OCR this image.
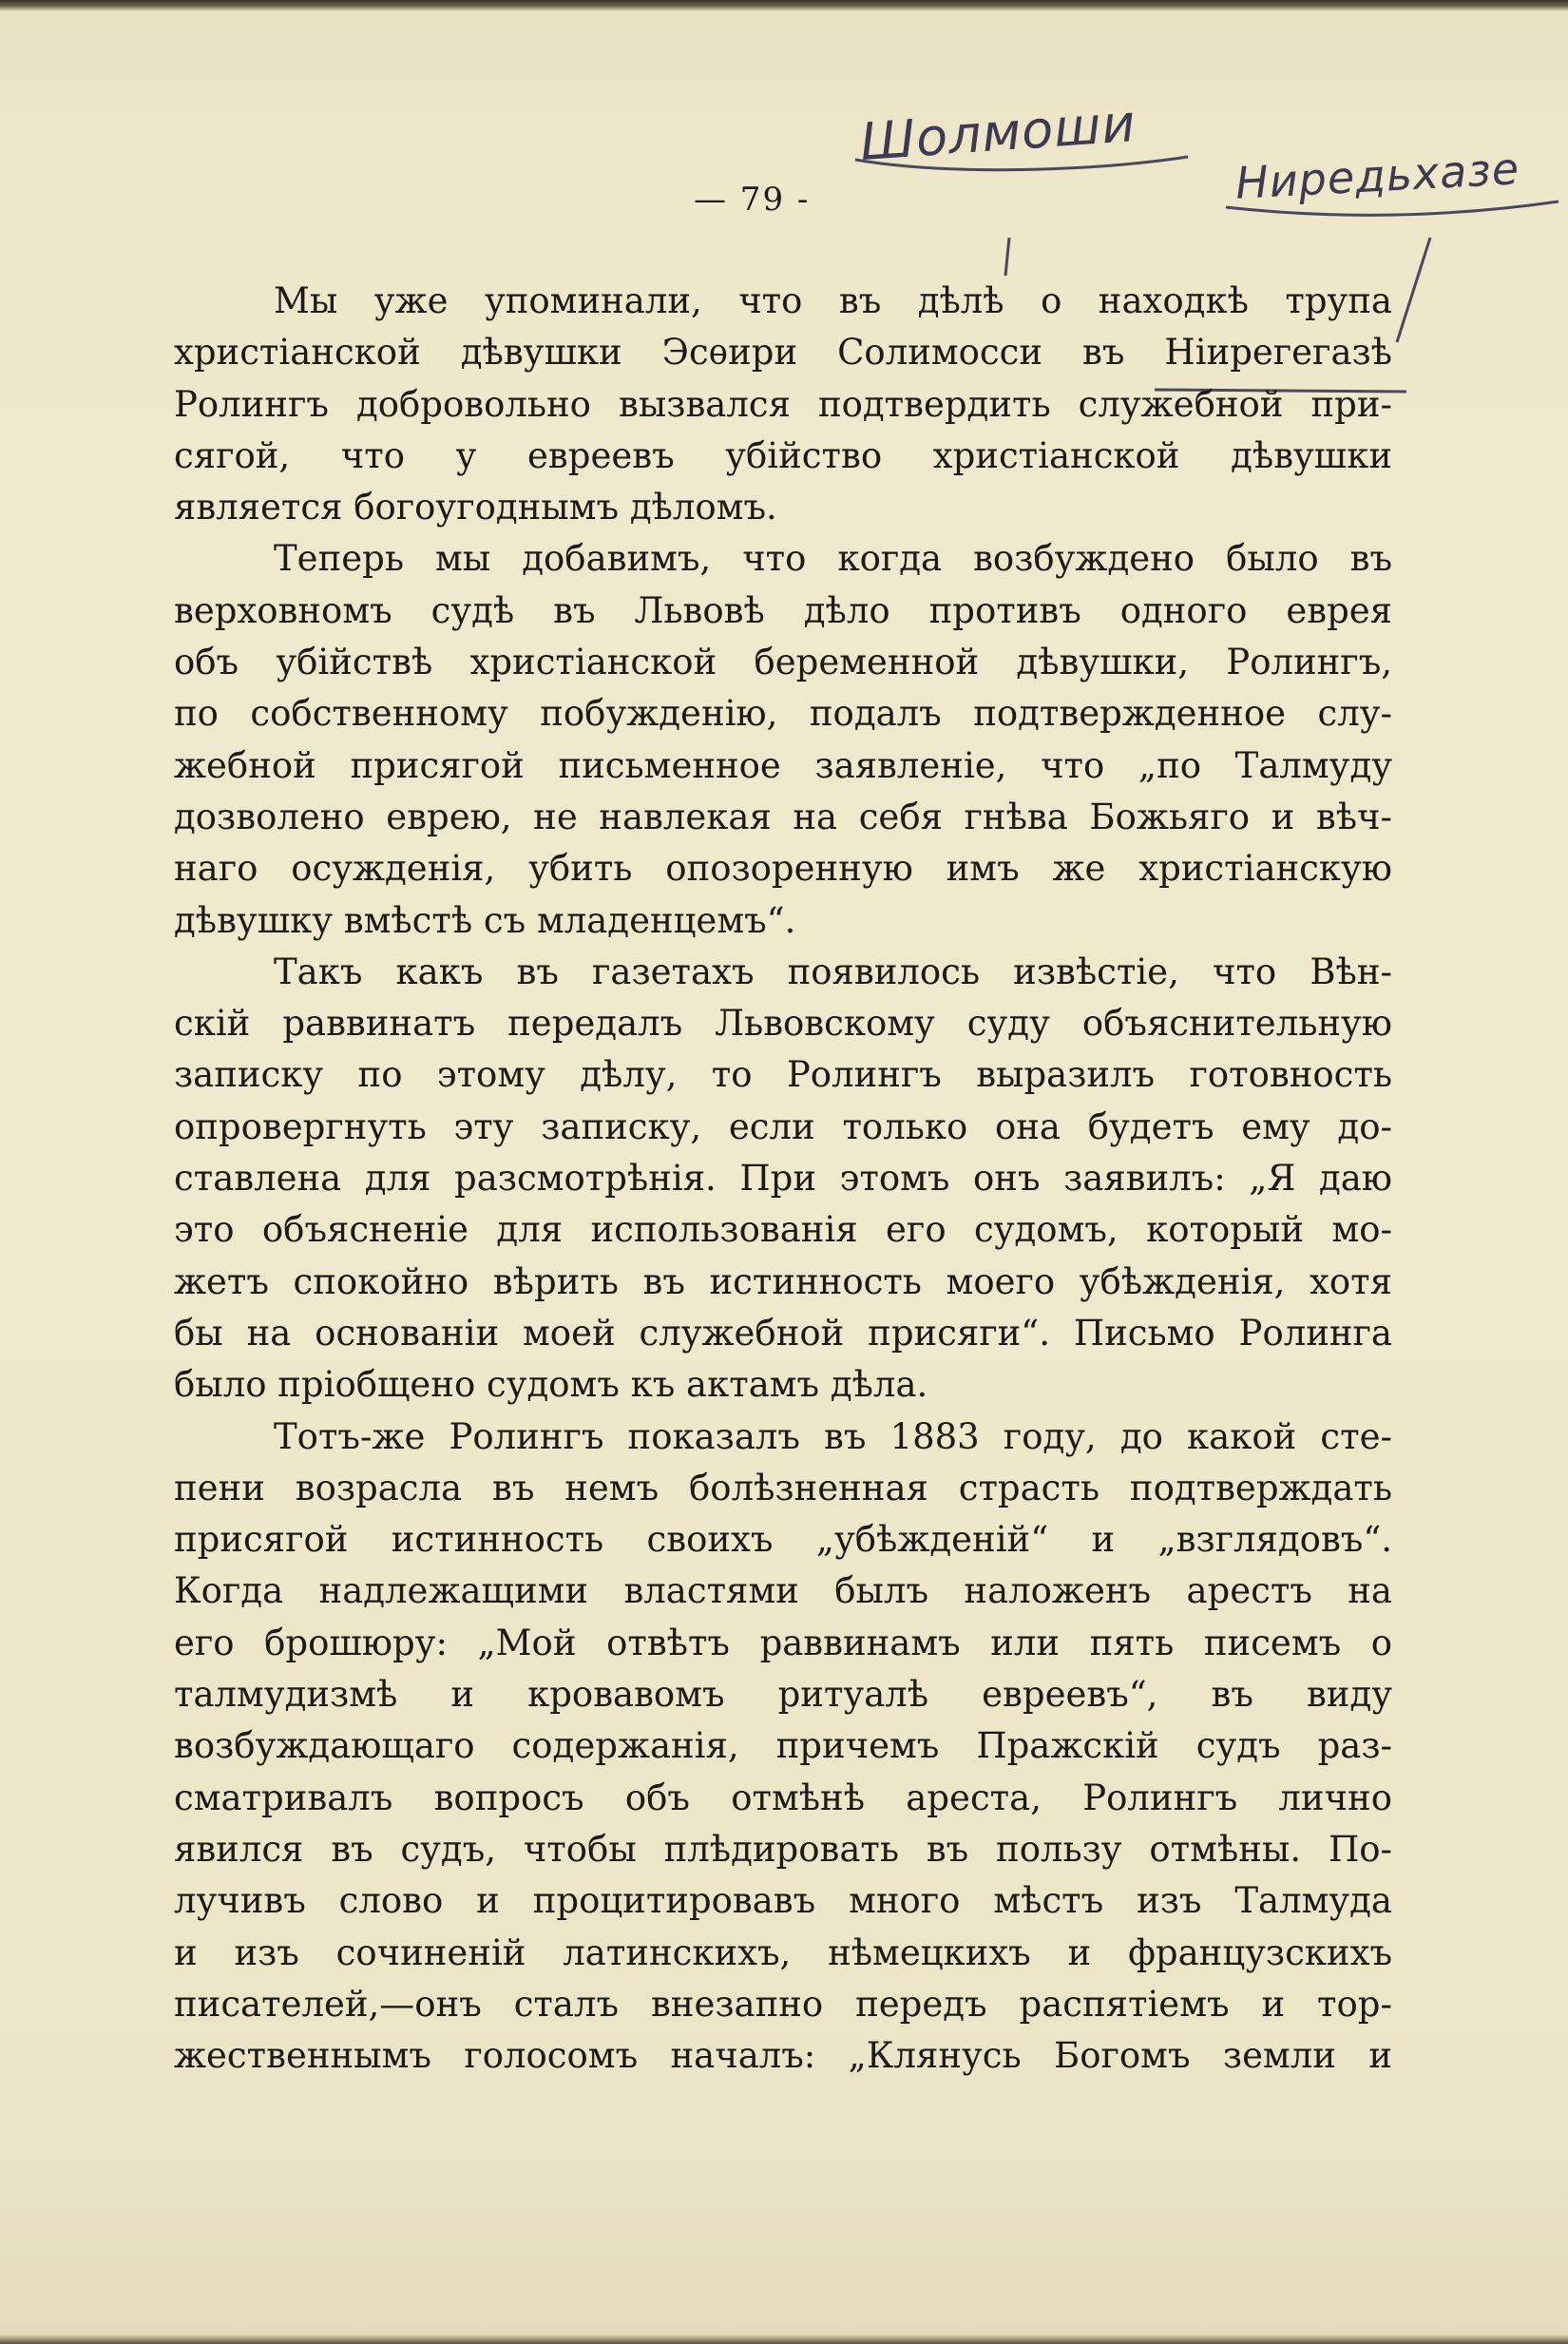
— 79 -
Шолмоши
Ниредьхазе
Мы уже упоминали, что въ дѣлѣ о находкѣ трупа
христіанской дѣвушки Эсѳири Солимосси въ Ніирегегазѣ
Ролингъ добровольно вызвался подтвердить служебной при-
сягой, что у евреевъ убійство христіанской дѣвушки
является богоугоднымъ дѣломъ.
Теперь мы добавимъ, что когда возбуждено было въ
верховномъ судѣ въ Львовѣ дѣло противъ одного еврея
объ убійствѣ христіанской беременной дѣвушки, Ролингъ,
по собственному побужденію, подалъ подтвержденное слу-
жебной присягой письменное заявленіе, что „по Талмуду
дозволено еврею, не навлекая на себя гнѣва Божьяго и вѣч-
наго осужденія, убить опозоренную имъ же христіанскую
дѣвушку вмѣстѣ съ младенцемъ“.
Такъ какъ въ газетахъ появилось извѣстіе, что Вѣн-
скій раввинатъ передалъ Львовскому суду объяснительную
записку по этому дѣлу, то Ролингъ выразилъ готовность
опровергнуть эту записку, если только она будетъ ему до-
ставлена для разсмотрѣнія. При этомъ онъ заявилъ: „Я даю
это объясненіе для использованія его судомъ, который мо-
жетъ спокойно вѣрить въ истинность моего убѣжденія, хотя
бы на основаніи моей служебной присяги“. Письмо Ролинга
было пріобщено судомъ къ актамъ дѣла.
Тотъ-же Ролингъ показалъ въ 1883 году, до какой сте-
пени возрасла въ немъ болѣзненная страсть подтверждать
присягой истинность своихъ „убѣжденій“ и „взглядовъ“.
Когда надлежащими властями былъ наложенъ арестъ на
его брошюру: „Мой отвѣтъ раввинамъ или пять писемъ о
талмудизмѣ и кровавомъ ритуалѣ евреевъ“, въ виду
возбуждающаго содержанія, причемъ Пражскій судъ раз-
сматривалъ вопросъ объ отмѣнѣ ареста, Ролингъ лично
явился въ судъ, чтобы плѣдировать въ пользу отмѣны. По-
лучивъ слово и процитировавъ много мѣстъ изъ Талмуда
и изъ сочиненій латинскихъ, нѣмецкихъ и французскихъ
писателей,—онъ сталъ внезапно передъ распятіемъ и тор-
жественнымъ голосомъ началъ: „Клянусь Богомъ земли и
